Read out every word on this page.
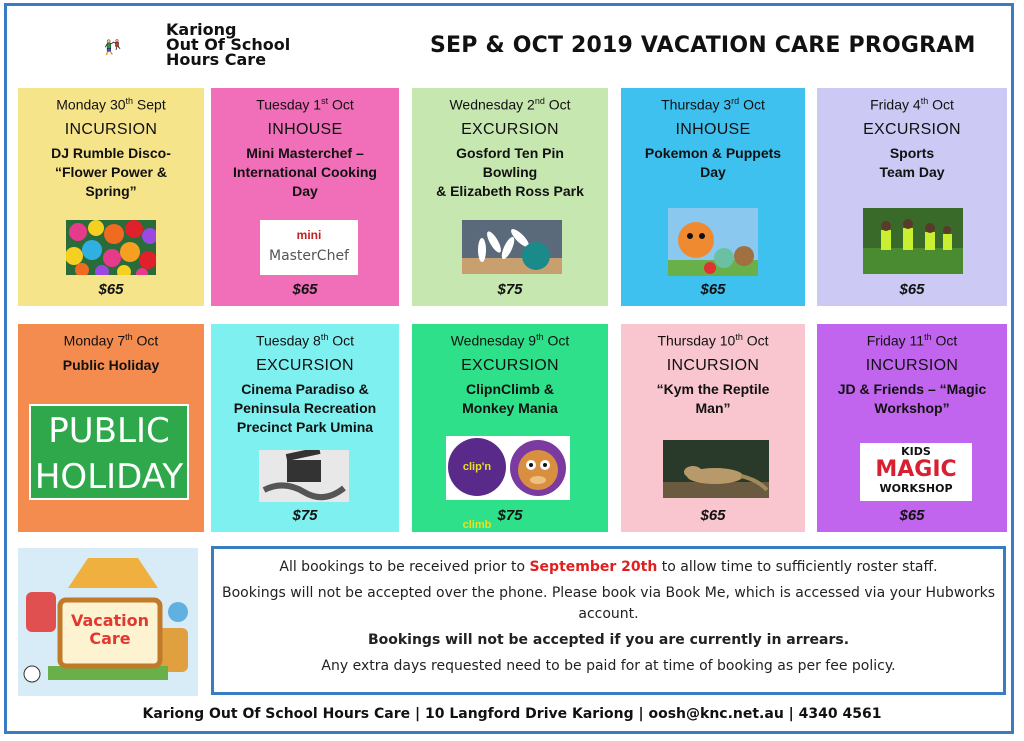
Kariong
Out Of School
Hours Care
SEP & OCT 2019 VACATION CARE PROGRAM
Monday 30th Sept
INCURSION
DJ Rumble Disco-
“Flower Power &
Spring”
$65
Tuesday 1st Oct
INHOUSE
Mini Masterchef –
International Cooking
Day
mini
MasterChef
$65
Wednesday 2nd Oct
EXCURSION
Gosford Ten Pin
Bowling
& Elizabeth Ross Park
$75
Thursday 3rd Oct
INHOUSE
Pokemon & Puppets
Day
$65
Friday 4th Oct
EXCURSION
Sports
Team Day
$65
Monday 7th Oct
Public Holiday
PUBLIC
HOLIDAY
Tuesday 8th Oct
EXCURSION
Cinema Paradiso &
Peninsula Recreation
Precinct Park Umina
$75
Wednesday 9th Oct
EXCURSION
ClipnClimb &
Monkey Mania
clip'n climb
$75
Thursday 10th Oct
INCURSION
“Kym the Reptile
Man”
$65
Friday 11th Oct
INCURSION
JD & Friends – “Magic
Workshop”
KIDS
MAGIC
WORKSHOP
$65
Vacation
Care

All bookings to be received prior to September 20th to allow time to sufficiently roster staff.

Bookings will not be accepted over the phone. Please book via Book Me, which is accessed via your Hubworks account.

Bookings will not be accepted if you are currently in arrears.

Any extra days requested need to be paid for at time of booking as per fee policy.

Kariong Out Of School Hours Care | 10 Langford Drive Kariong | oosh@knc.net.au | 4340 4561
